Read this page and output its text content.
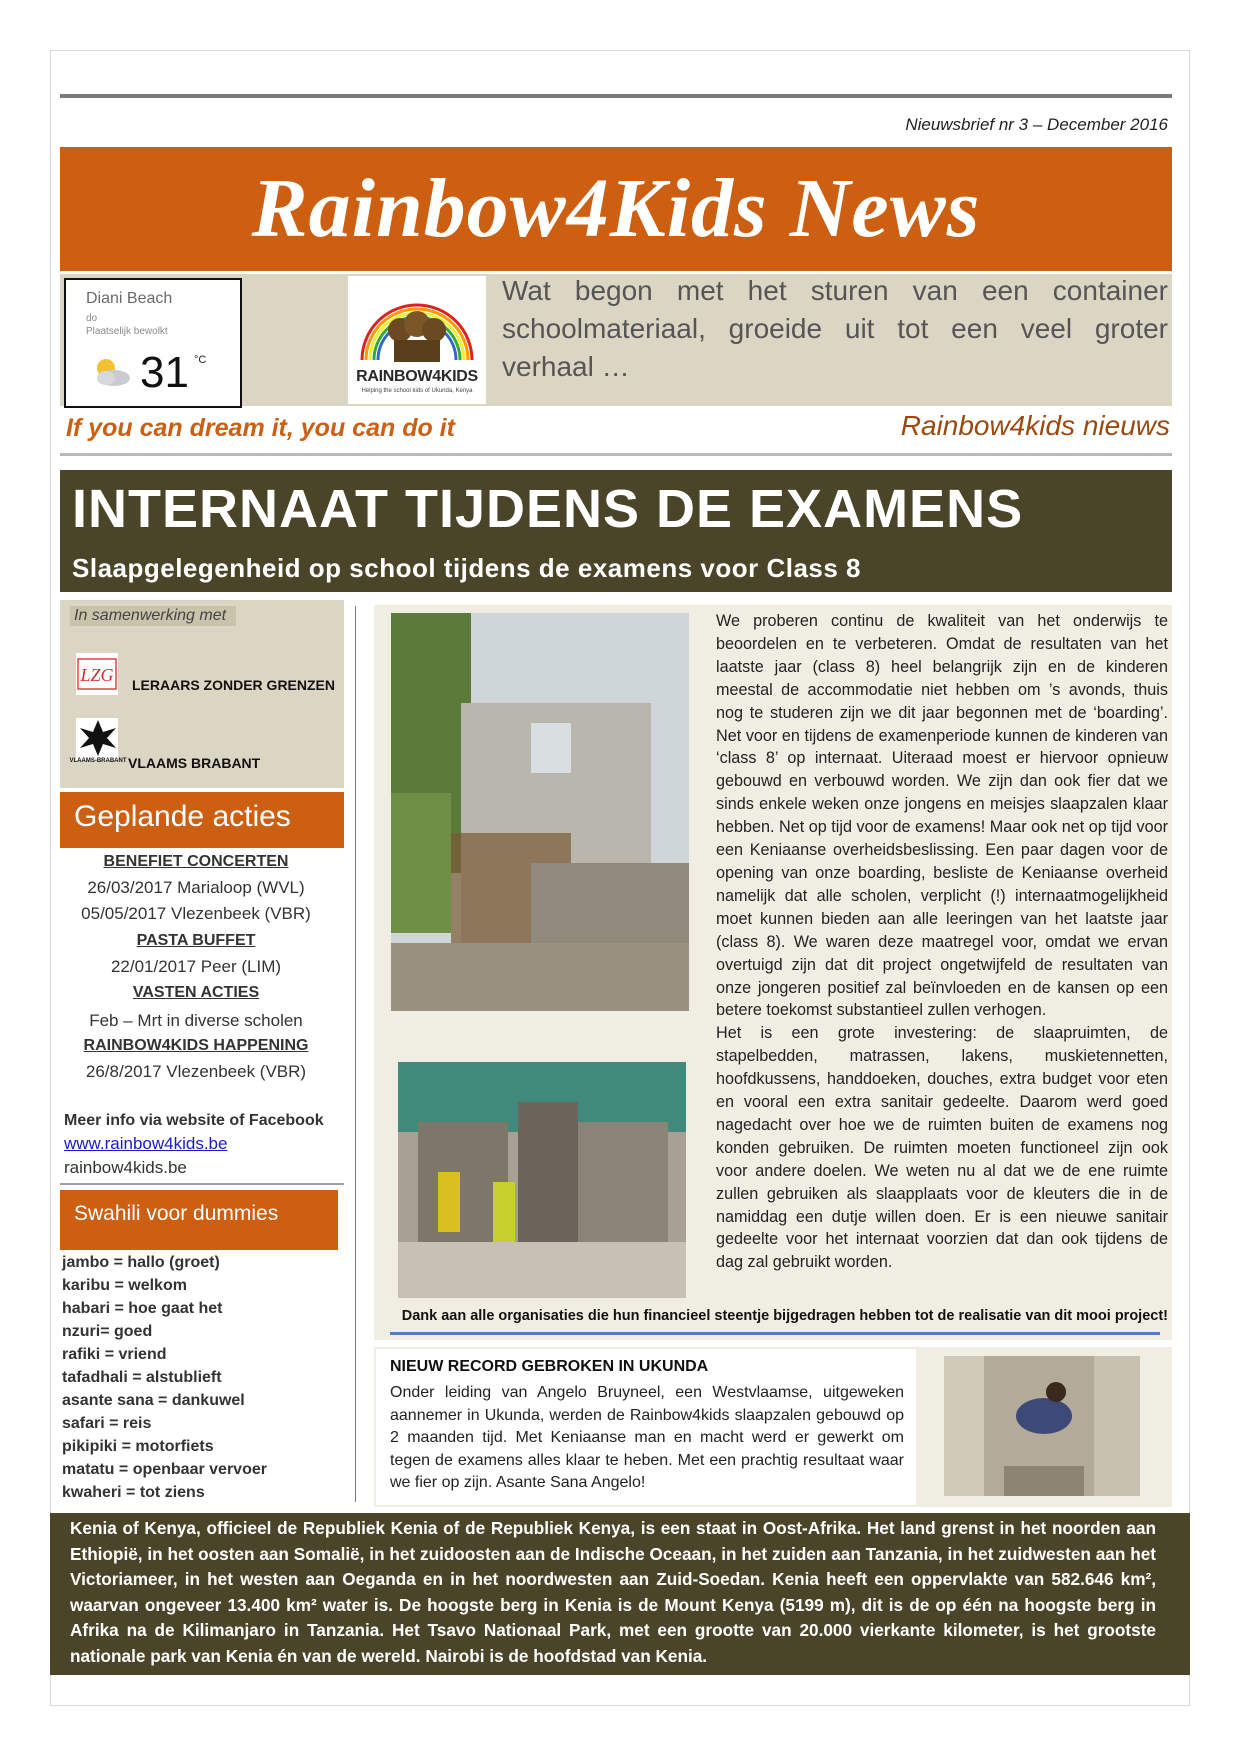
Nieuwsbrief nr 3 – December 2016
Rainbow4Kids News
Diani Beach
do
Plaatselijk bewolkt
31 °C
RAINBOW4KIDS
Helping the school kids of Ukunda, Kenya
Wat begon met het sturen van een container schoolmateriaal, groeide uit tot een veel groter verhaal …
If you can dream it, you can do it	Rainbow4kids nieuws
INTERNAAT TIJDENS DE EXAMENS
Slaapgelegenheid op school tijdens de examens voor Class 8
In samenwerking met
LZG LERAARS ZONDER GRENZEN
VLAAMS-BRABANT VLAAMS BRABANT
Geplande acties
BENEFIET CONCERTEN
26/03/2017 Marialoop (WVL)
05/05/2017 Vlezenbeek (VBR)
PASTA BUFFET
22/01/2017 Peer (LIM)
VASTEN ACTIES
Feb – Mrt in diverse scholen
RAINBOW4KIDS HAPPENING
26/8/2017 Vlezenbeek (VBR)
Meer info via website of Facebook
www.rainbow4kids.be
rainbow4kids.be
Swahili voor dummies
jambo = hallo (groet)
karibu = welkom
habari = hoe gaat het
nzuri= goed
rafiki = vriend
tafadhali = alstublieft
asante sana = dankuwel
safari = reis
pikipiki = motorfiets
matatu = openbaar vervoer
kwaheri = tot ziens
We proberen continu de kwaliteit van het onderwijs te beoordelen en te verbeteren. Omdat de resultaten van het laatste jaar (class 8) heel belangrijk zijn en de kinderen meestal de accommodatie niet hebben om ’s avonds, thuis nog te studeren zijn we dit jaar begonnen met de ‘boarding’. Net voor en tijdens de examenperiode kunnen de kinderen van ‘class 8’ op internaat. Uiteraad moest er hiervoor opnieuw gebouwd en verbouwd worden. We zijn dan ook fier dat we sinds enkele weken onze jongens en meisjes slaapzalen klaar hebben. Net op tijd voor de examens! Maar ook net op tijd voor een Keniaanse overheidsbeslissing. Een paar dagen voor de opening van onze boarding, besliste de Keniaanse overheid namelijk dat alle scholen, verplicht (!) internaatmogelijkheid moet kunnen bieden aan alle leeringen van het laatste jaar (class 8). We waren deze maatregel voor, omdat we ervan overtuigd zijn dat dit project ongetwijfeld de resultaten van onze jongeren positief zal beïnvloeden en de kansen op een betere toekomst substantieel zullen verhogen.
Het is een grote investering: de slaapruimten, de stapelbedden, matrassen, lakens, muskietennetten, hoofdkussens, handdoeken, douches, extra budget voor eten en vooral een extra sanitair gedeelte. Daarom werd goed nagedacht over hoe we de ruimten buiten de examens nog konden gebruiken. De ruimten moeten functioneel zijn ook voor andere doelen. We weten nu al dat we de ene ruimte zullen gebruiken als slaapplaats voor de kleuters die in de namiddag een dutje willen doen. Er is een nieuwe sanitair gedeelte voor het internaat voorzien dat dan ook tijdens de dag zal gebruikt worden.
Dank aan alle organisaties die hun financieel steentje bijgedragen hebben tot de realisatie van dit mooi project!
NIEUW RECORD GEBROKEN IN UKUNDA
Onder leiding van Angelo Bruyneel, een Westvlaamse, uitgeweken aannemer in Ukunda, werden de Rainbow4kids slaapzalen gebouwd op 2 maanden tijd. Met Keniaanse man en macht werd er gewerkt om tegen de examens alles klaar te heben. Met een prachtig resultaat waar we fier op zijn. Asante Sana Angelo!
Kenia of Kenya, officieel de Republiek Kenia of de Republiek Kenya, is een staat in Oost-Afrika. Het land grenst in het noorden aan Ethiopië, in het oosten aan Somalië, in het zuidoosten aan de Indische Oceaan, in het zuiden aan Tanzania, in het zuidwesten aan het Victoriameer, in het westen aan Oeganda en in het noordwesten aan Zuid-Soedan. Kenia heeft een oppervlakte van 582.646 km², waarvan ongeveer 13.400 km² water is. De hoogste berg in Kenia is de Mount Kenya (5199 m), dit is de op één na hoogste berg in Afrika na de Kilimanjaro in Tanzania. Het Tsavo Nationaal Park, met een grootte van 20.000 vierkante kilometer, is het grootste nationale park van Kenia én van de wereld. Nairobi is de hoofdstad van Kenia.
